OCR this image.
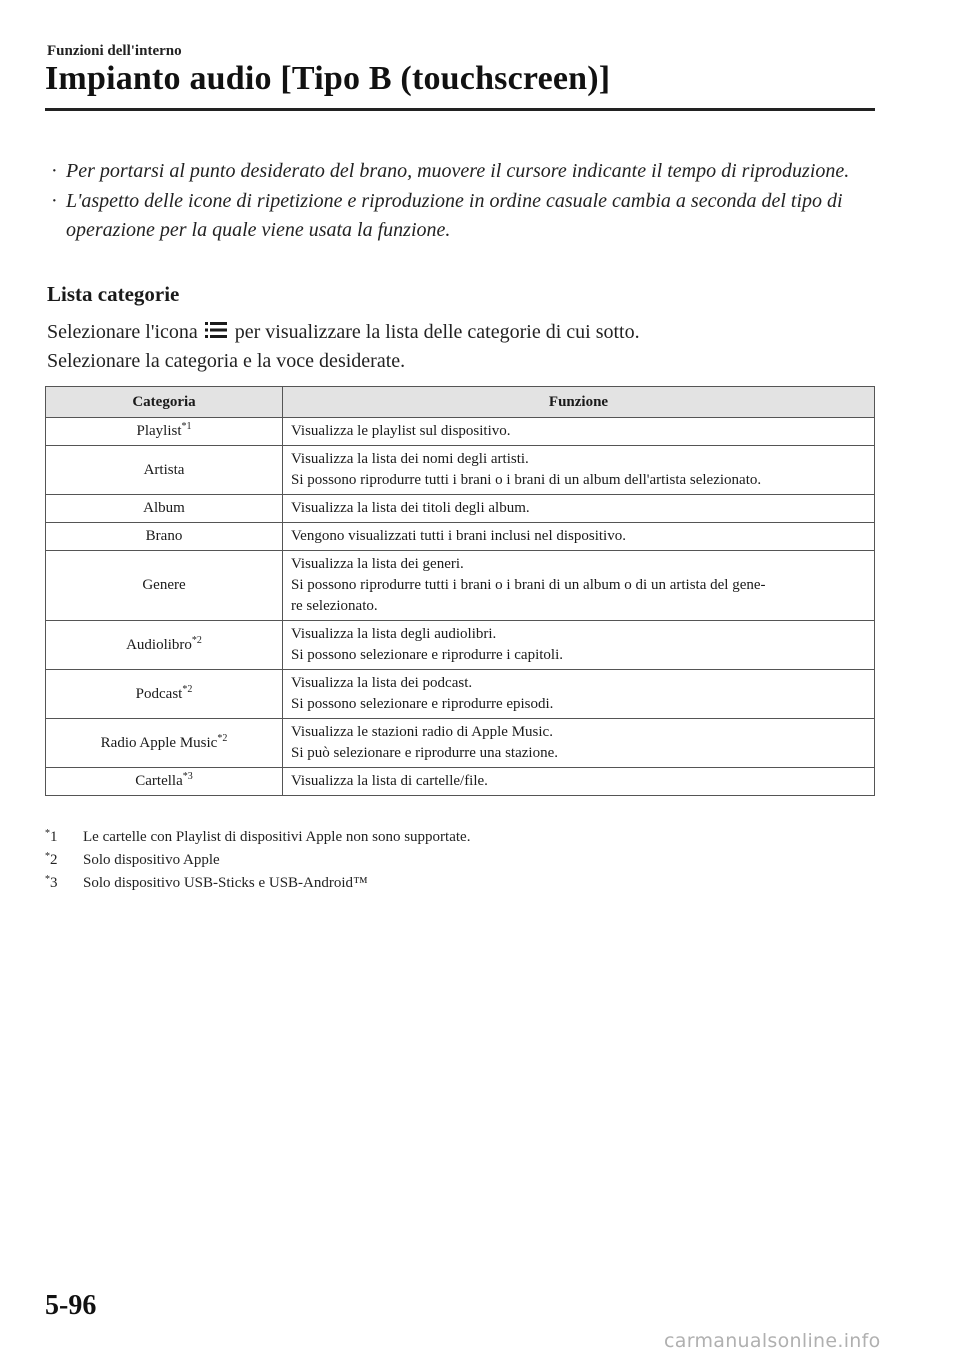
Funzioni dell'interno
Impianto audio [Tipo B (touchscreen)]
· Per portarsi al punto desiderato del brano, muovere il cursore indicante il tempo di riproduzione.
· L'aspetto delle icone di ripetizione e riproduzione in ordine casuale cambia a seconda del tipo di operazione per la quale viene usata la funzione.
Lista categorie
Selezionare l'icona per visualizzare la lista delle categorie di cui sotto.
Selezionare la categoria e la voce desiderate.
Categoria	Funzione
Playlist$^{*1}$	Visualizza le playlist sul dispositivo.

Artista	Visualizza la lista dei nomi degli artisti.
Si possono riprodurre tutti i brani o i brani di un album dell'artista selezionato.

Album	Visualizza la lista dei titoli degli album.

Brano	Vengono visualizzati tutti i brani inclusi nel dispositivo.

Genere	Visualizza la lista dei generi.
Si possono riprodurre tutti i brani o i brani di un album o di un artista del gene-
re selezionato.

Audiolibro$^{*2}$	Visualizza la lista degli audiolibri.
Si possono selezionare e riprodurre i capitoli.

Podcast$^{*2}$	Visualizza la lista dei podcast.
Si possono selezionare e riprodurre episodi.

Radio Apple Music$^{*2}$	Visualizza le stazioni radio di Apple Music.
Si può selezionare e riprodurre una stazione.

Cartella$^{*3}$	Visualizza la lista di cartelle/file.
*1	Le cartelle con Playlist di dispositivi Apple non sono supportate.
*2	Solo dispositivo Apple
*3	Solo dispositivo USB-Sticks e USB-Android™
5-96
carmanualsonline.info
